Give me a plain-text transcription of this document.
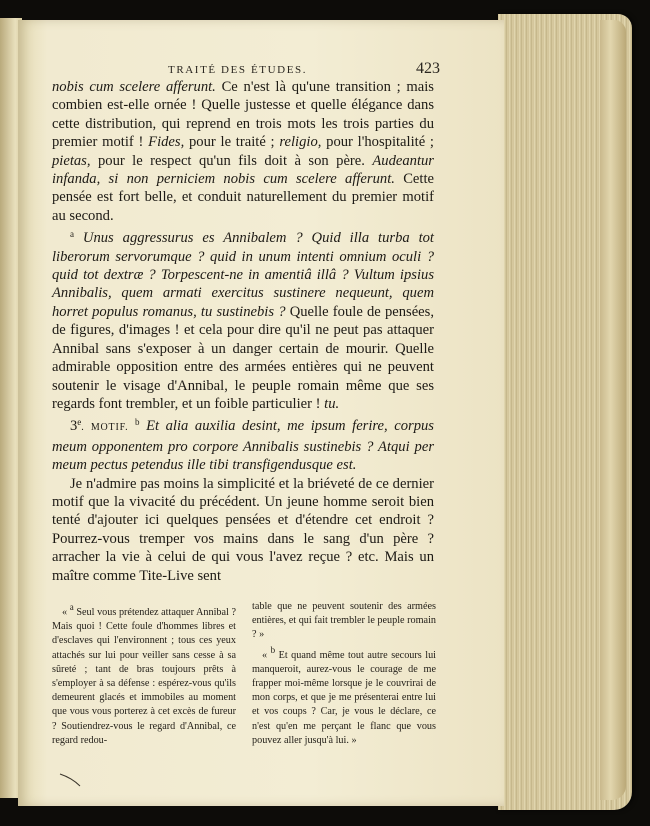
TRAITÉ DES ÉTUDES.	423

nobis cum scelere afferunt. Ce n'est là qu'une transition ; mais combien est-elle ornée ! Quelle justesse et quelle élégance dans cette distribution, qui reprend en trois mots les trois parties du premier motif ! Fides, pour le traité ; religio, pour l'hospitalité ; pietas, pour le respect qu'un fils doit à son père. Audeantur infanda, si non perniciem nobis cum scelere afferunt. Cette pensée est fort belle, et conduit naturellement du premier motif au second.

$^a$ Unus aggressurus es Annibalem ? Quid illa turba tot liberorum servorumque ? quid in unum intenti omnium oculi ? quid tot dextræ ? Torpescent-ne in amentiâ illâ ? Vultum ipsius Annibalis, quem armati exercitus sustinere nequeunt, quem horret populus romanus, tu sustinebis ? Quelle foule de pensées, de figures, d'images ! et cela pour dire qu'il ne peut pas attaquer Annibal sans s'exposer à un danger certain de mourir. Quelle admirable opposition entre des armées entières qui ne peuvent soutenir le visage d'Annibal, le peuple romain même que ses regards font trembler, et un foible particulier ! tu.

3e. MOTIF. $^b$ Et alia auxilia desint, me ipsum ferire, corpus meum opponentem pro corpore Annibalis sustinebis ? Atqui per meum pectus petendus ille tibi transfigendusque est.

Je n'admire pas moins la simplicité et la briéveté de ce dernier motif que la vivacité du précédent. Un jeune homme seroit bien tenté d'ajouter ici quelques pensées et d'étendre cet endroit ? Pourrez-vous tremper vos mains dans le sang d'un père ? arracher la vie à celui de qui vous l'avez reçue ? etc. Mais un maître comme Tite-Live sent

« $^a$ Seul vous prétendez attaquer Annibal ? Mais quoi ! Cette foule d'hommes libres et d'esclaves qui l'environnent ; tous ces yeux attachés sur lui pour veiller sans cesse à sa sûreté ; tant de bras toujours prêts à s'employer à sa défense : espérez-vous qu'ils demeurent glacés et immobiles au moment que vous vous porterez à cet excès de fureur ? Soutiendrez-vous le regard d'Annibal, ce regard redou-

table que ne peuvent soutenir des armées entières, et qui fait trembler le peuple romain ? »

« $^b$ Et quand même tout autre secours lui manqueroit, aurez-vous le courage de me frapper moi-même lorsque je le couvrirai de mon corps, et que je me présenterai entre lui et vos coups ? Car, je vous le déclare, ce n'est qu'en me perçant le flanc que vous pouvez aller jusqu'à lui. »
